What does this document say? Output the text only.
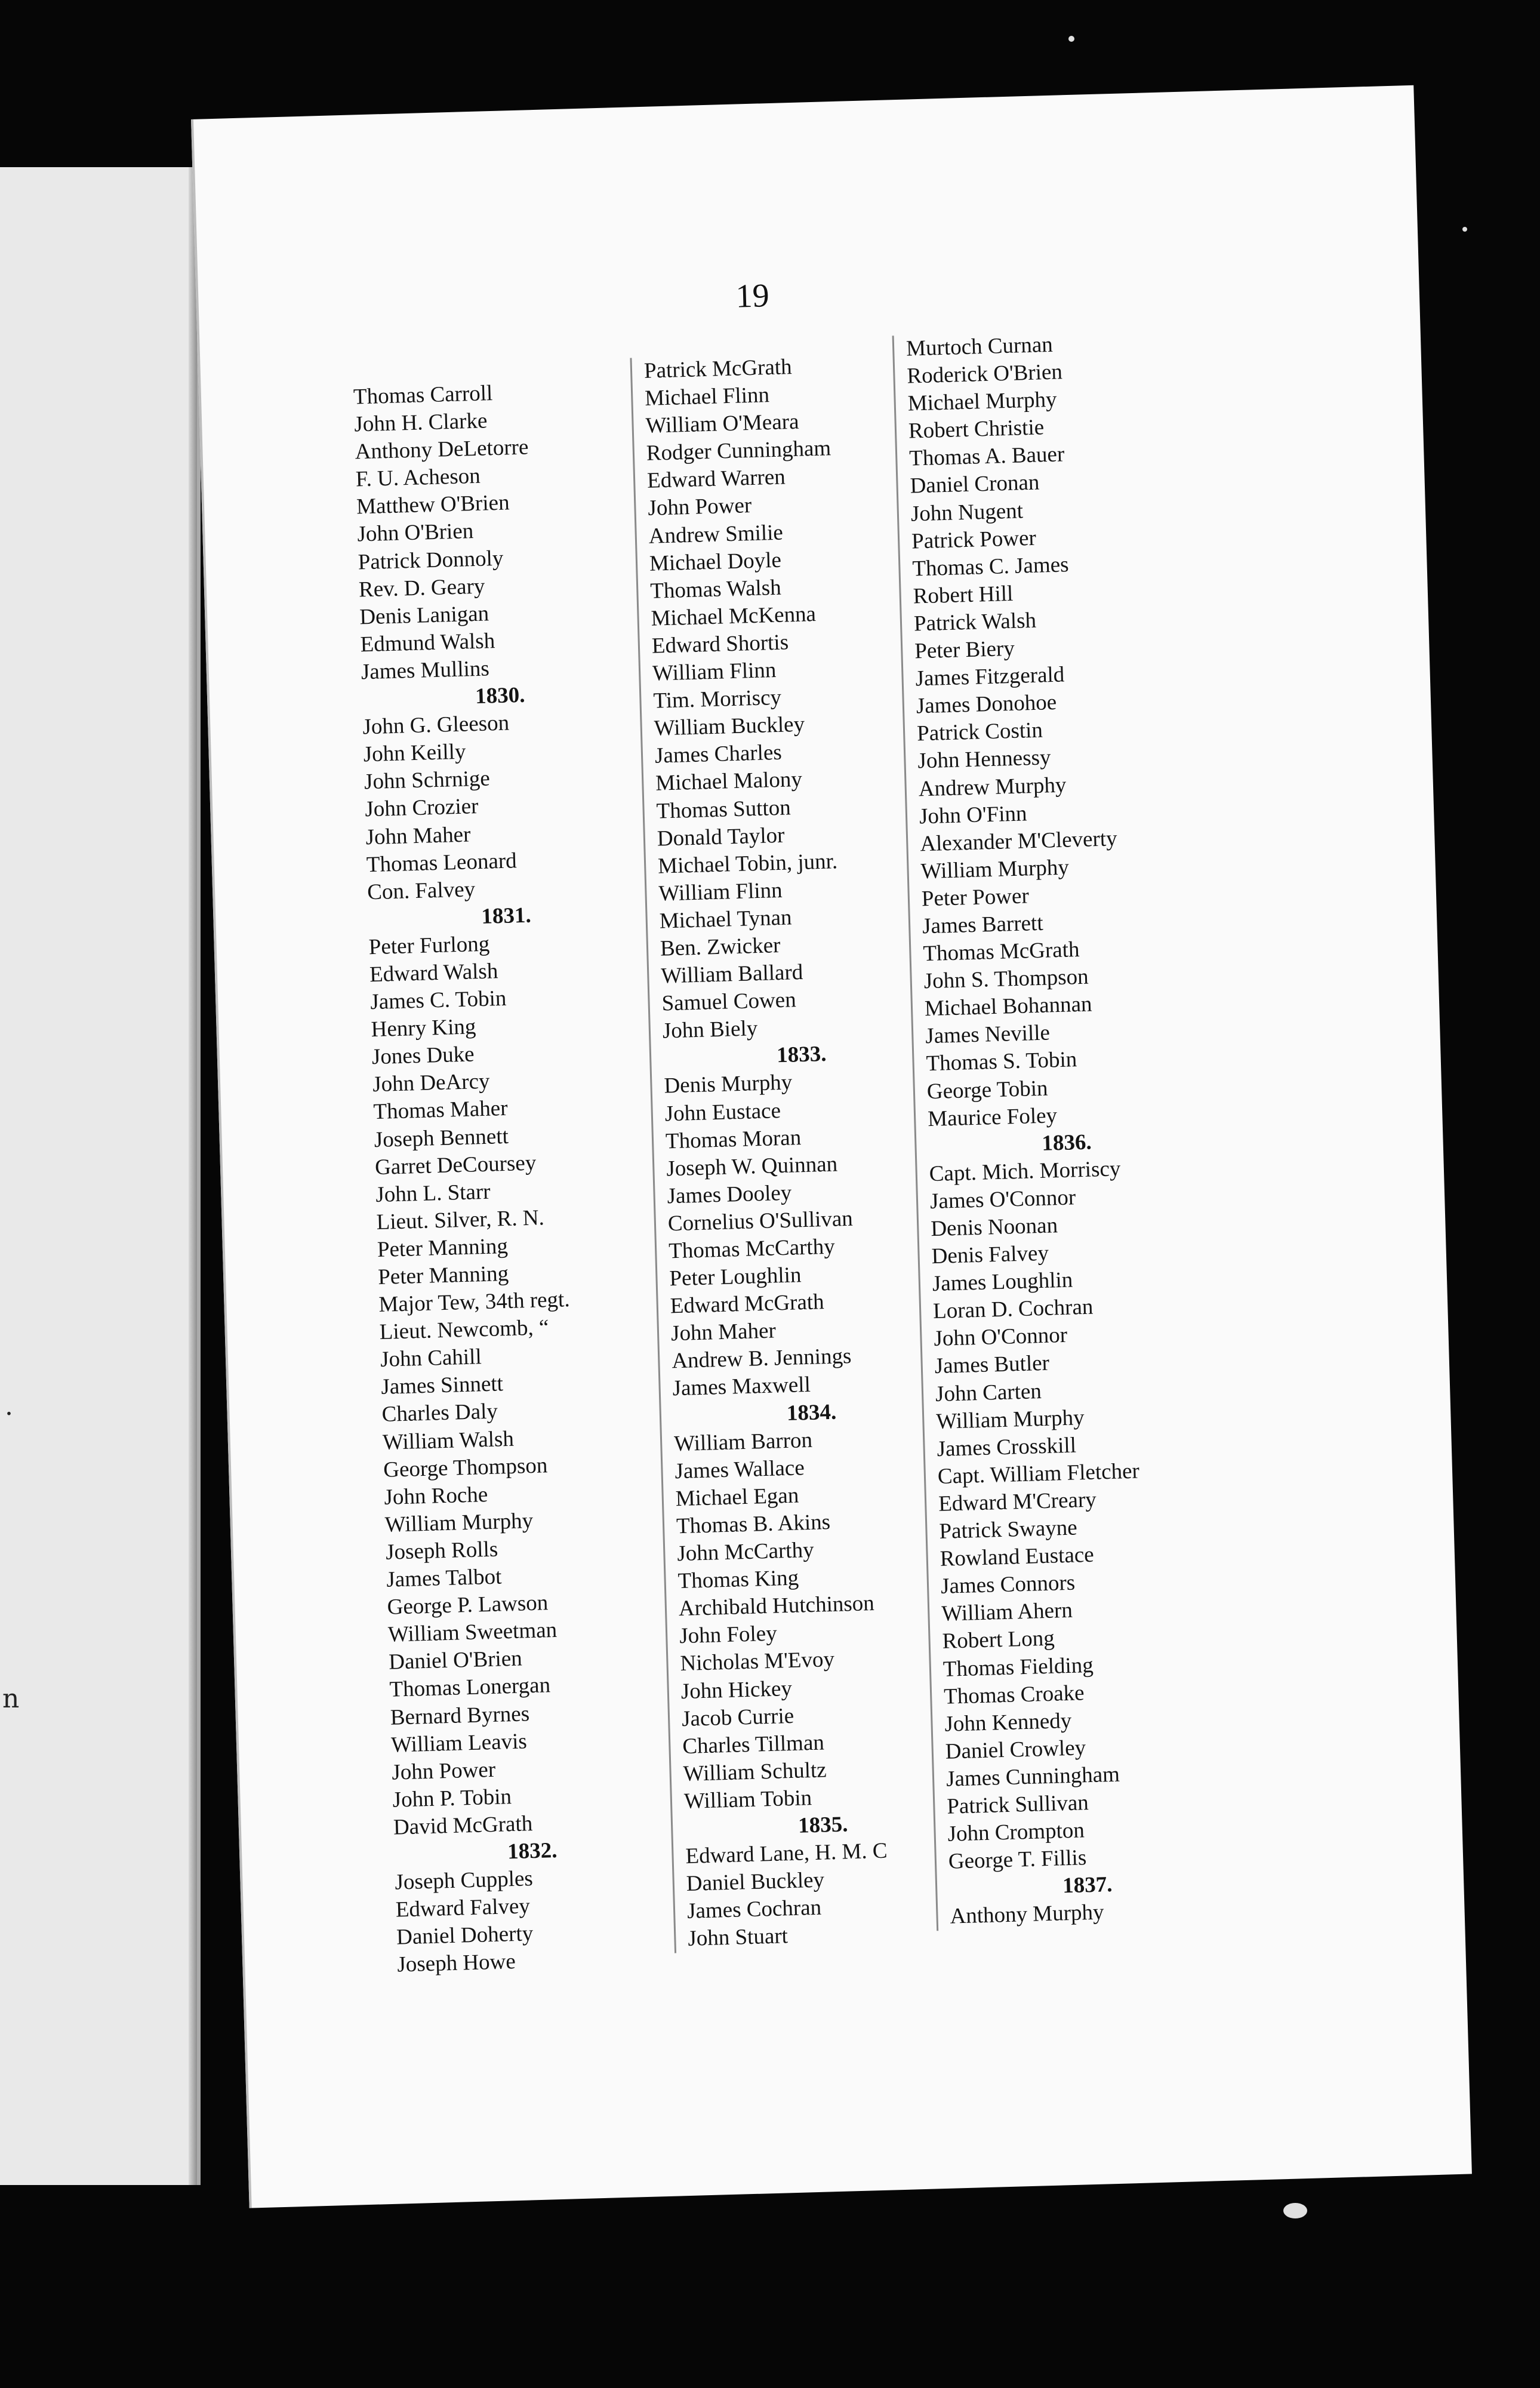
.
n
19
Thomas Carroll
John H. Clarke
Anthony DeLetorre
F. U. Acheson
Matthew O'Brien
John O'Brien
Patrick Donnoly
Rev. D. Geary
Denis Lanigan
Edmund Walsh
James Mullins
1830.
John G. Gleeson
John Keilly
John Schrnige
John Crozier
John Maher
Thomas Leonard
Con. Falvey
1831.
Peter Furlong
Edward Walsh
James C. Tobin
Henry King
Jones Duke
John DeArcy
Thomas Maher
Joseph Bennett
Garret DeCoursey
John L. Starr
Lieut. Silver, R. N.
Peter Manning
Peter Manning
Major Tew, 34th regt.
Lieut. Newcomb, “
John Cahill
James Sinnett
Charles Daly
William Walsh
George Thompson
John Roche
William Murphy
Joseph Rolls
James Talbot
George P. Lawson
William Sweetman
Daniel O'Brien
Thomas Lonergan
Bernard Byrnes
William Leavis
John Power
John P. Tobin
David McGrath
1832.
Joseph Cupples
Edward Falvey
Daniel Doherty
Joseph Howe
Patrick McGrath
Michael Flinn
William O'Meara
Rodger Cunningham
Edward Warren
John Power
Andrew Smilie
Michael Doyle
Thomas Walsh
Michael McKenna
Edward Shortis
William Flinn
Tim. Morriscy
William Buckley
James Charles
Michael Malony
Thomas Sutton
Donald Taylor
Michael Tobin, junr.
William Flinn
Michael Tynan
Ben. Zwicker
William Ballard
Samuel Cowen
John Biely
1833.
Denis Murphy
John Eustace
Thomas Moran
Joseph W. Quinnan
James Dooley
Cornelius O'Sullivan
Thomas McCarthy
Peter Loughlin
Edward McGrath
John Maher
Andrew B. Jennings
James Maxwell
1834.
William Barron
James Wallace
Michael Egan
Thomas B. Akins
John McCarthy
Thomas King
Archibald Hutchinson
John Foley
Nicholas M'Evoy
John Hickey
Jacob Currie
Charles Tillman
William Schultz
William Tobin
1835.
Edward Lane, H. M. C
Daniel Buckley
James Cochran
John Stuart
Murtoch Curnan
Roderick O'Brien
Michael Murphy
Robert Christie
Thomas A. Bauer
Daniel Cronan
John Nugent
Patrick Power
Thomas C. James
Robert Hill
Patrick Walsh
Peter Biery
James Fitzgerald
James Donohoe
Patrick Costin
John Hennessy
Andrew Murphy
John O'Finn
Alexander M'Cleverty
William Murphy
Peter Power
James Barrett
Thomas McGrath
John S. Thompson
Michael Bohannan
James Neville
Thomas S. Tobin
George Tobin
Maurice Foley
1836.
Capt. Mich. Morriscy
James O'Connor
Denis Noonan
Denis Falvey
James Loughlin
Loran D. Cochran
John O'Connor
James Butler
John Carten
William Murphy
James Crosskill
Capt. William Fletcher
Edward M'Creary
Patrick Swayne
Rowland Eustace
James Connors
William Ahern
Robert Long
Thomas Fielding
Thomas Croake
John Kennedy
Daniel Crowley
James Cunningham
Patrick Sullivan
John Crompton
George T. Fillis
1837.
Anthony Murphy
